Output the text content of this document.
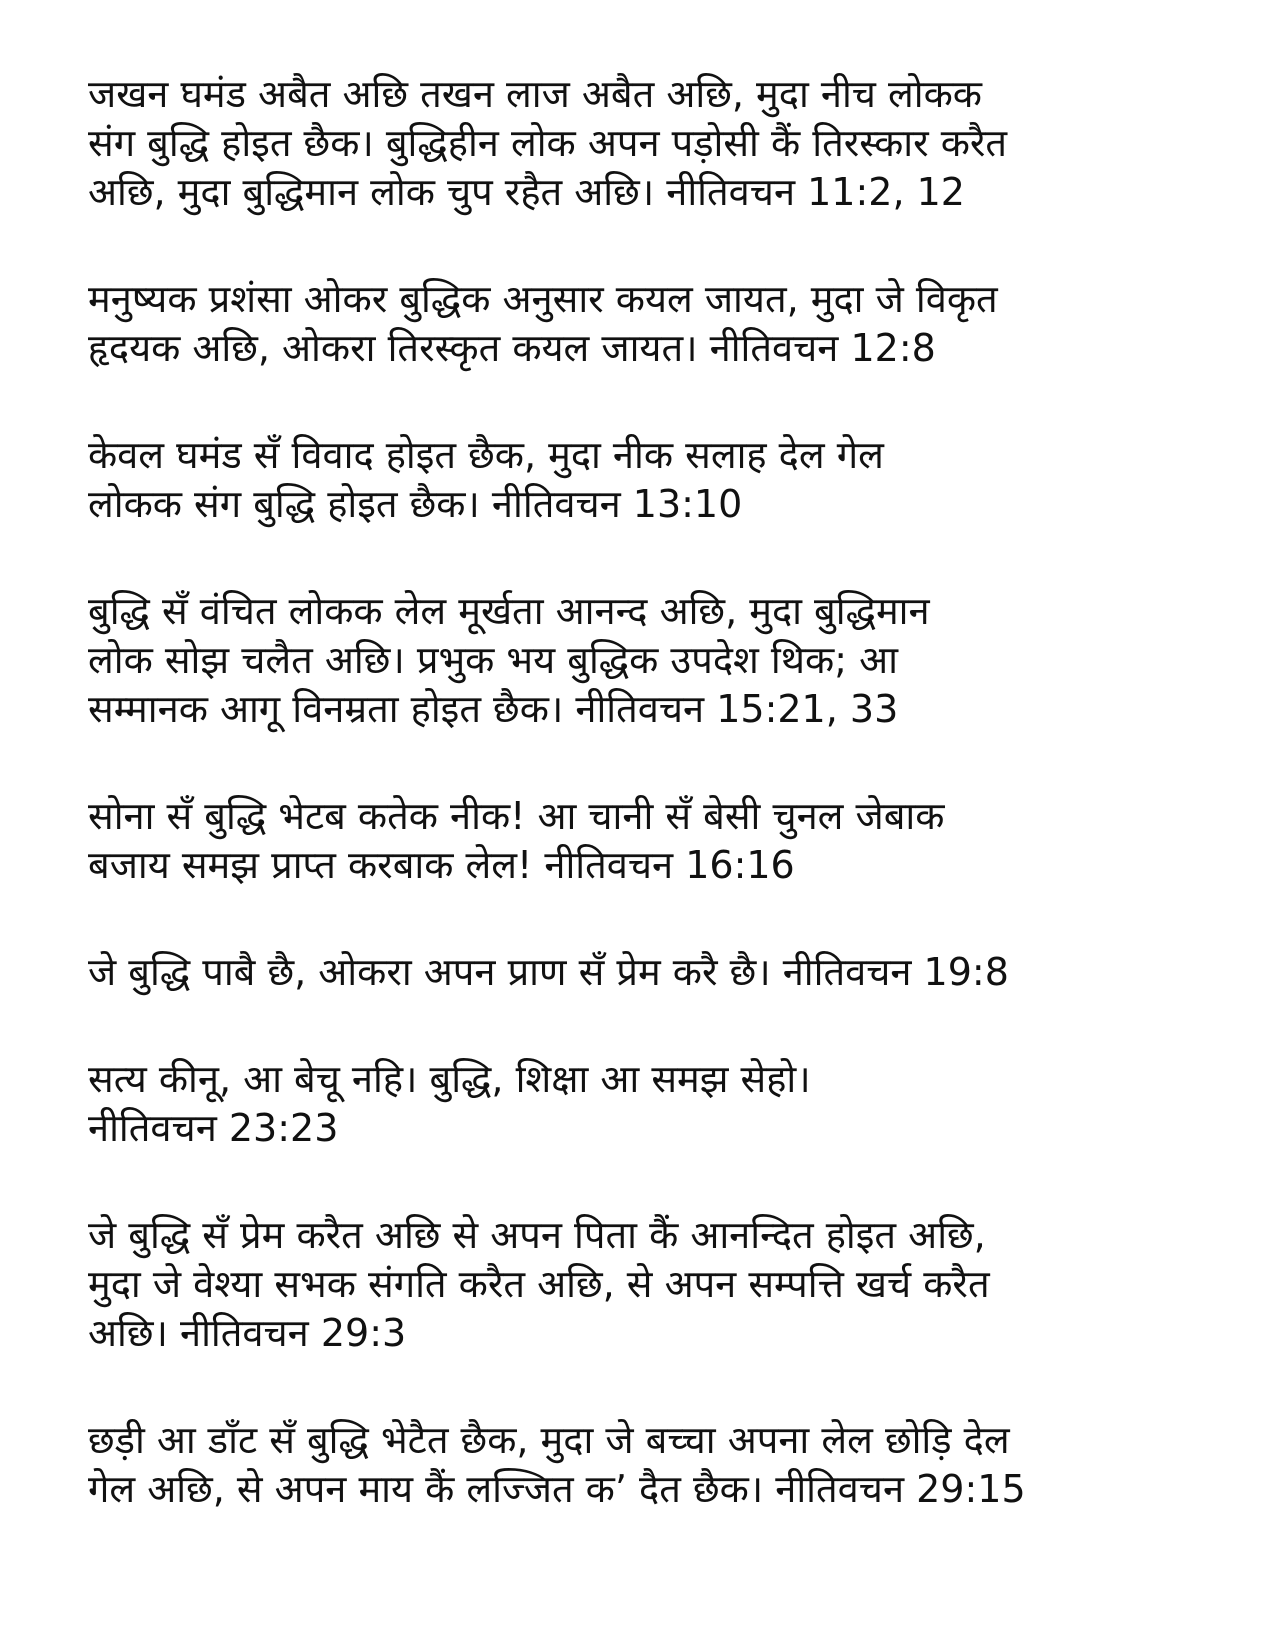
जखन घमंड अबैत अछि तखन लाज अबैत अछि, मुदा नीच लोकक
संग बुद्धि होइत छैक। बुद्धिहीन लोक अपन पड़ोसी कैं तिरस्कार करैत
अछि, मुदा बुद्धिमान लोक चुप रहैत अछि। नीतिवचन 11:2, 12

मनुष्यक प्रशंसा ओकर बुद्धिक अनुसार कयल जायत, मुदा जे विकृत
हृदयक अछि, ओकरा तिरस्कृत कयल जायत। नीतिवचन 12:8

केवल घमंड सँ विवाद होइत छैक, मुदा नीक सलाह देल गेल
लोकक संग बुद्धि होइत छैक। नीतिवचन 13:10

बुद्धि सँ वंचित लोकक लेल मूर्खता आनन्द अछि, मुदा बुद्धिमान
लोक सोझ चलैत अछि। प्रभुक भय बुद्धिक उपदेश थिक; आ
सम्मानक आगू विनम्रता होइत छैक। नीतिवचन 15:21, 33

सोना सँ बुद्धि भेटब कतेक नीक! आ चानी सँ बेसी चुनल जेबाक
बजाय समझ प्राप्त करबाक लेल! नीतिवचन 16:16

जे बुद्धि पाबै छै, ओकरा अपन प्राण सँ प्रेम करै छै। नीतिवचन 19:8

सत्य कीनू, आ बेचू नहि। बुद्धि, शिक्षा आ समझ सेहो।
नीतिवचन 23:23

जे बुद्धि सँ प्रेम करैत अछि से अपन पिता कैं आनन्दित होइत अछि,
मुदा जे वेश्या सभक संगति करैत अछि, से अपन सम्पत्ति खर्च करैत
अछि। नीतिवचन 29:3

छड़ी आ डाँट सँ बुद्धि भेटैत छैक, मुदा जे बच्चा अपना लेल छोड़ि देल
गेल अछि, से अपन माय कैं लज्जित क’ दैत छैक। नीतिवचन 29:15
